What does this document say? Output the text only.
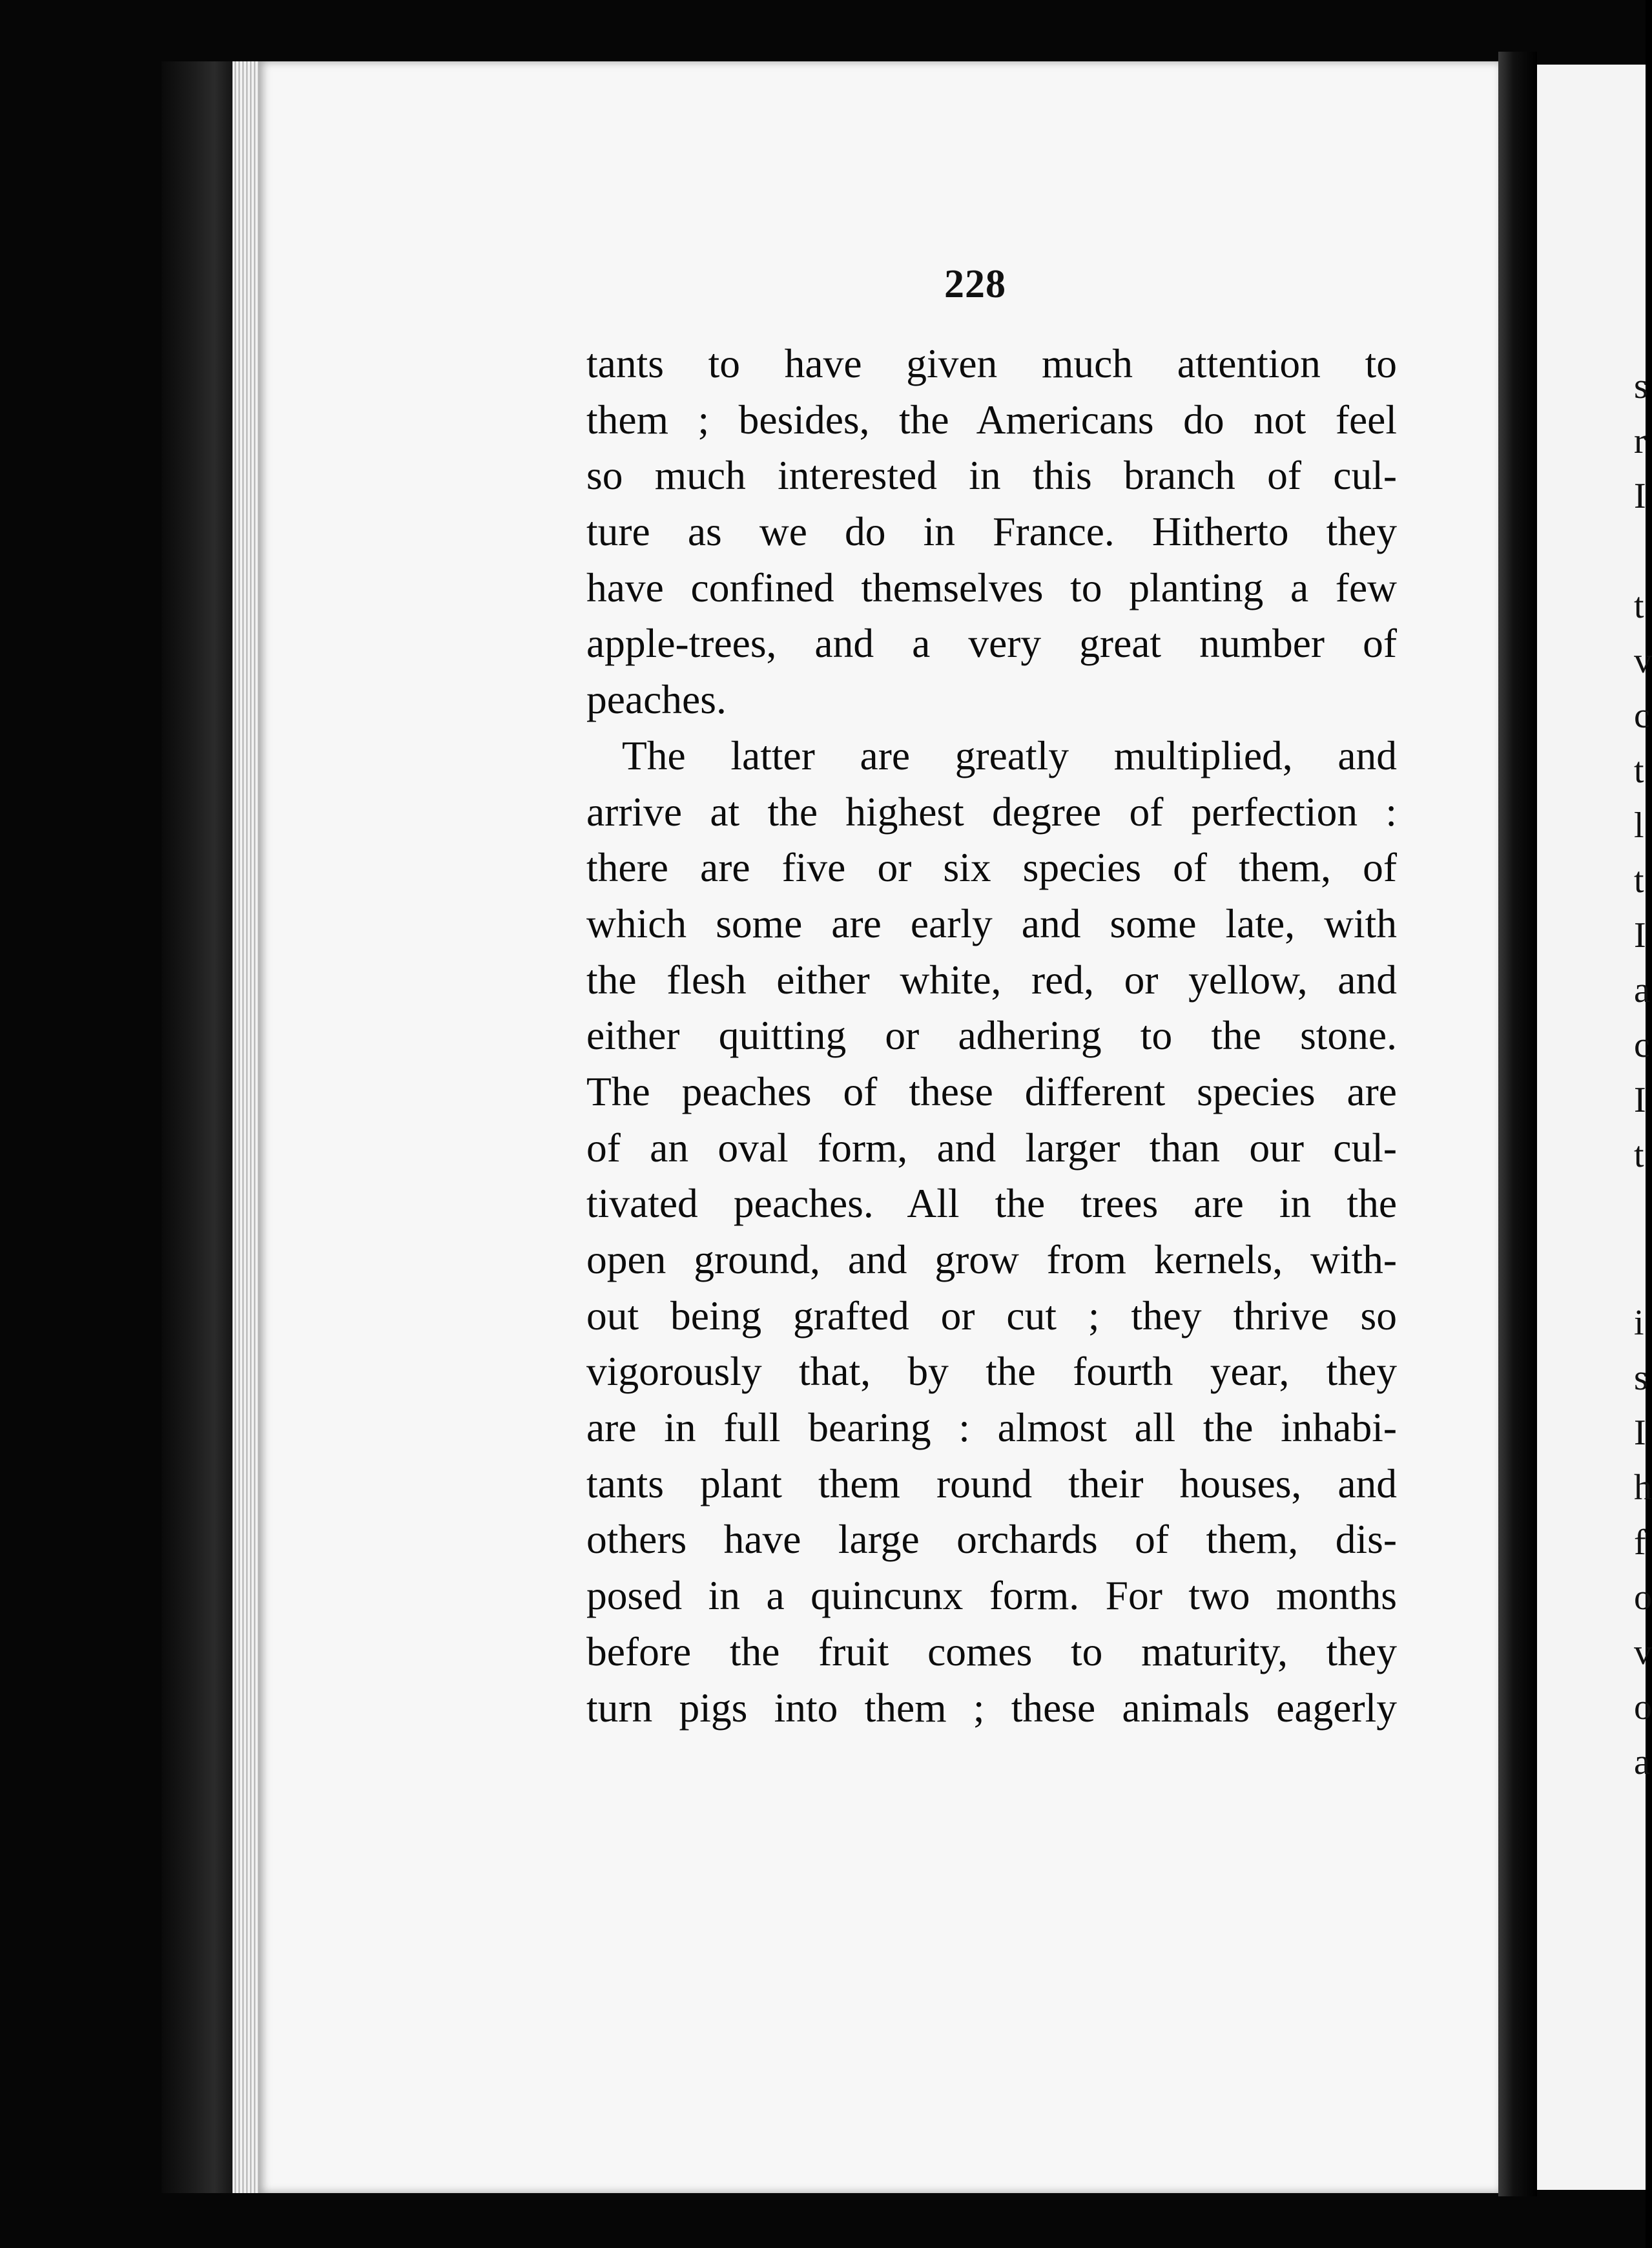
228
tants to have given much attention to
them ; besides, the Americans do not feel
so much interested in this branch of cul-
ture as we do in France. Hitherto they
have confined themselves to planting a few
apple-trees, and a very great number of
peaches.
The latter are greatly multiplied, and
arrive at the highest degree of perfection :
there are five or six species of them, of
which some are early and some late, with
the flesh either white, red, or yellow, and
either quitting or adhering to the stone.
The peaches of these different species are
of an oval form, and larger than our cul-
tivated peaches. All the trees are in the
open ground, and grow from kernels, with-
out being grafted or cut ; they thrive so
vigorously that, by the fourth year, they
are in full bearing : almost all the inhabi-
tants plant them round their houses, and
others have large orchards of them, dis-
posed in a quincunx form. For two months
before the fruit comes to maturity, they
turn pigs into them ; these animals eagerly
s
r
I
t
v
c
t
l
t
I
a
c
I
t
i
s
I
h
f
o
v
o
a
